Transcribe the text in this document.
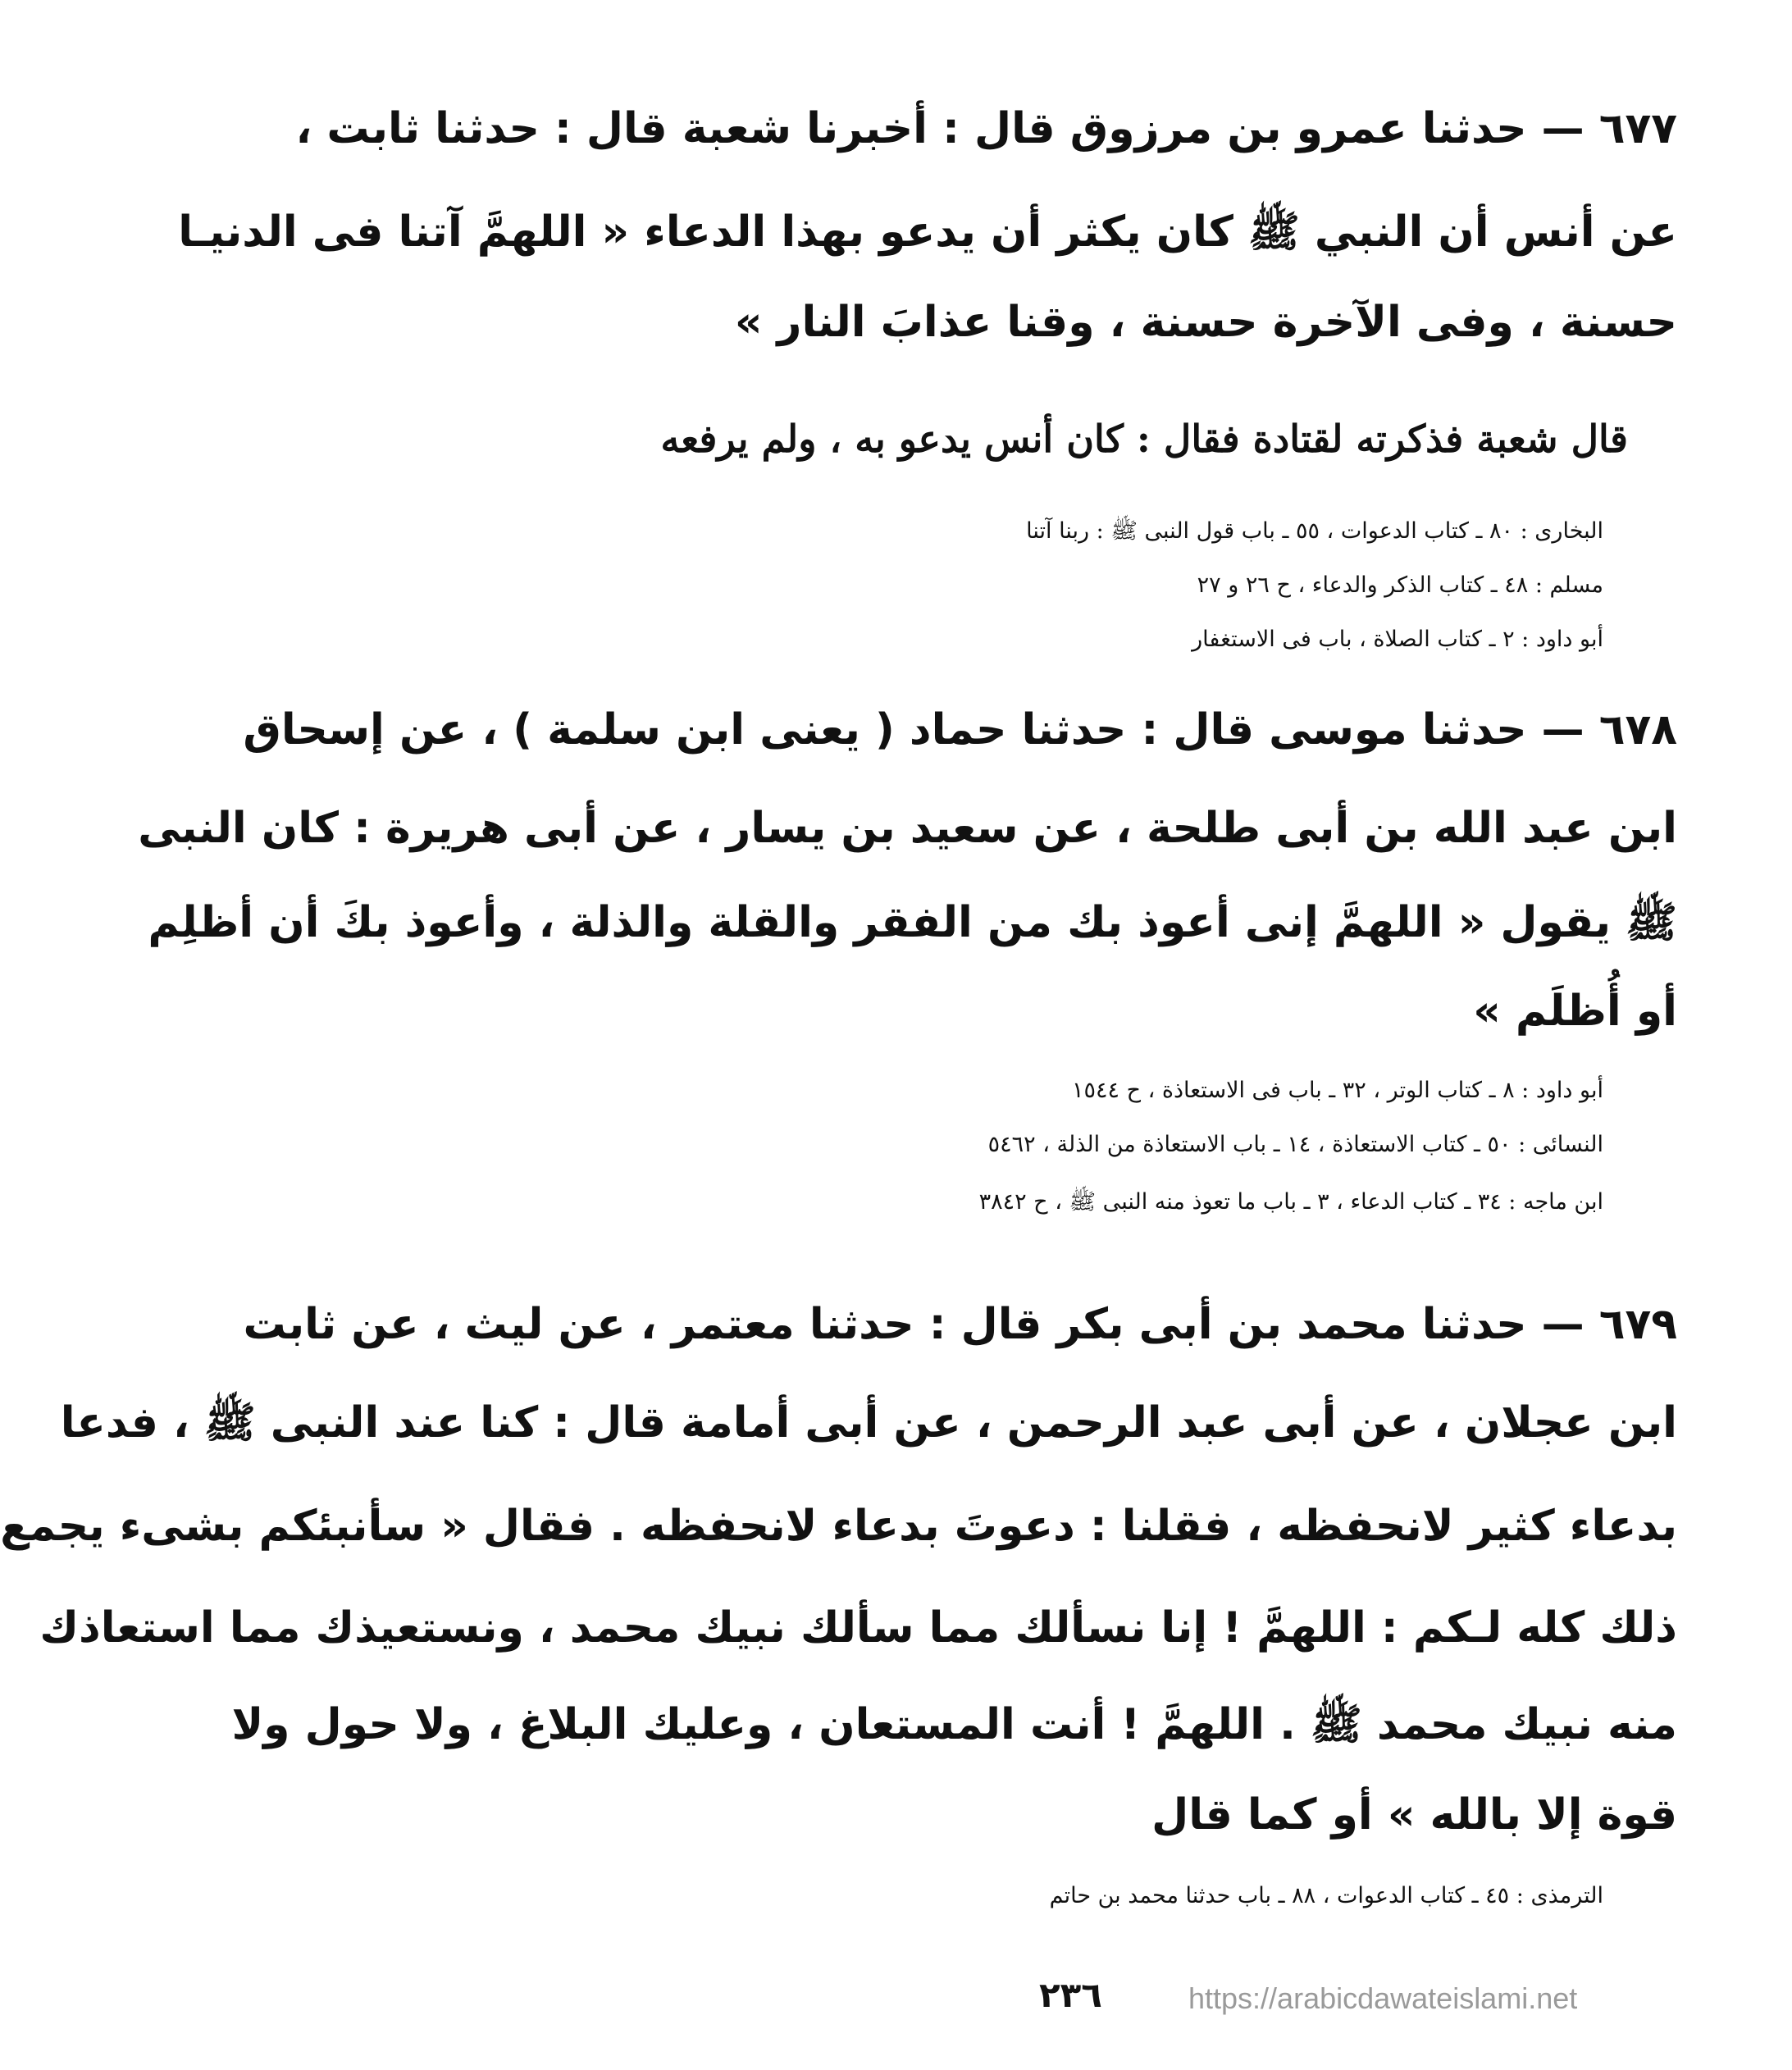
٦٧٧ — حدثنا عمرو بن مرزوق قال : أخبرنا شعبة قال : حدثنا ثابت ،
عن أنس أن النبي ﷺ كان يكثر أن يدعو بهذا الدعاء « اللهمَّ آتنا فى الدنيـا
حسنة ، وفى الآخرة حسنة ، وقنا عذابَ النار »
قال شعبة فذكرته لقتادة فقال : كان أنس يدعو به ، ولم يرفعه
البخارى : ٨٠ ـ كتاب الدعوات ، ٥٥ ـ باب قول النبى ﷺ : ربنا آتنا
مسلم : ٤٨ ـ كتاب الذكر والدعاء ، ح ٢٦ و ٢٧
أبو داود : ٢ ـ كتاب الصلاة ، باب فى الاستغفار
٦٧٨ — حدثنا موسى قال : حدثنا حماد ( يعنى ابن سلمة ) ، عن إسحاق
ابن عبد الله بن أبى طلحة ، عن سعيد بن يسار ، عن أبى هريرة : كان النبى
ﷺ يقول « اللهمَّ إنى أعوذ بك من الفقر والقلة والذلة ، وأعوذ بكَ أن أظلِم
أو أُظلَم »
أبو داود : ٨ ـ كتاب الوتر ، ٣٢ ـ باب فى الاستعاذة ، ح ١٥٤٤
النسائى : ٥٠ ـ كتاب الاستعاذة ، ١٤ ـ باب الاستعاذة من الذلة ، ٥٤٦٢
ابن ماجه : ٣٤ ـ كتاب الدعاء ، ٣ ـ باب ما تعوذ منه النبى ﷺ ، ح ٣٨٤٢
٦٧٩ — حدثنا محمد بن أبى بكر قال : حدثنا معتمر ، عن ليث ، عن ثابت
ابن عجلان ، عن أبى عبد الرحمن ، عن أبى أمامة قال : كنا عند النبى ﷺ ، فدعا
بدعاء كثير لانحفظه ، فقلنا : دعوتَ بدعاء لانحفظه . فقال « سأنبئكم بشىء يجمع
ذلك كله لـكم : اللهمَّ ! إنا نسألك مما سألك نبيك محمد ، ونستعيذك مما استعاذك
منه نبيك محمد ﷺ . اللهمَّ ! أنت المستعان ، وعليك البلاغ ، ولا حول ولا
قوة إلا بالله » أو كما قال
الترمذى : ٤٥ ـ كتاب الدعوات ، ٨٨ ـ باب حدثنا محمد بن حاتم
٢٣٦	https://arabicdawateislami.net
